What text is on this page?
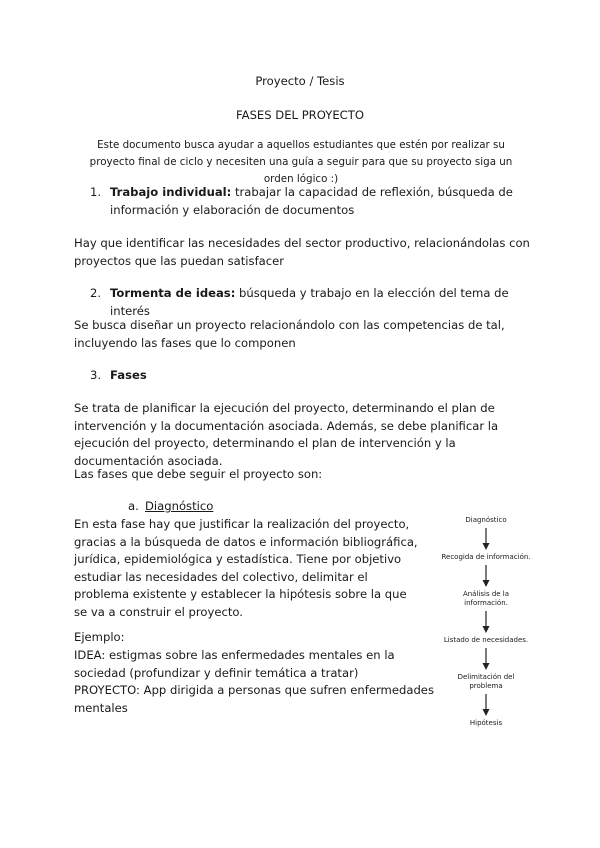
Proyecto / Tesis
FASES DEL PROYECTO
Este documento busca ayudar a aquellos estudiantes que estén por realizar su proyecto final de ciclo y necesiten una guía a seguir para que su proyecto siga un orden lógico :)
1. Trabajo individual: trabajar la capacidad de reflexión, búsqueda de información y elaboración de documentos
Hay que identificar las necesidades del sector productivo, relacionándolas con proyectos que las puedan satisfacer
2. Tormenta de ideas: búsqueda y trabajo en la elección del tema de interés
Se busca diseñar un proyecto relacionándolo con las competencias de tal, incluyendo las fases que lo componen
3. Fases
Se trata de planificar la ejecución del proyecto, determinando el plan de intervención y la documentación asociada. Además, se debe planificar la ejecución del proyecto, determinando el plan de intervención y la documentación asociada.
Las fases que debe seguir el proyecto son:
a. Diagnóstico
En esta fase hay que justificar la realización del proyecto, gracias a la búsqueda de datos e información bibliográfica, jurídica, epidemiológica y estadística. Tiene por objetivo estudiar las necesidades del colectivo, delimitar el problema existente y establecer la hipótesis sobre la que se va a construir el proyecto.
Ejemplo:
IDEA: estigmas sobre las enfermedades mentales en la sociedad (profundizar y definir temática a tratar)
PROYECTO: App dirigida a personas que sufren enfermedades mentales
Diagnóstico
Recogida de información.
Análisis de la información.
Listado de necesidades.
Delimitación del problema
Hipótesis
